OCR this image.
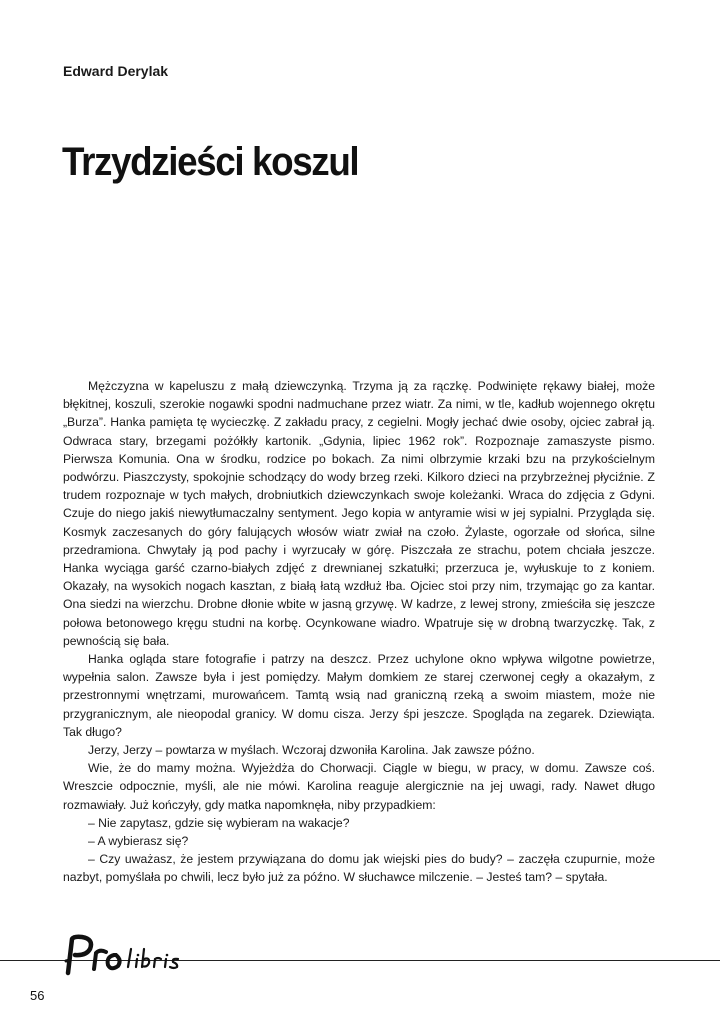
Edward Derylak
Trzydzieści koszul

Mężczyzna w kapeluszu z małą dziewczynką. Trzyma ją za rączkę. Podwinięte rękawy białej, może błękitnej, koszuli, szerokie nogawki spodni nadmuchane przez wiatr. Za nimi, w tle, kadłub wojennego okrętu „Burza”. Hanka pamięta tę wycieczkę. Z zakładu pracy, z cegielni. Mogły jechać dwie osoby, ojciec zabrał ją. Odwraca stary, brzegami pożółkły kartonik. „Gdynia, lipiec 1962 rok”. Rozpoznaje zamaszyste pismo. Pierwsza Komunia. Ona w środku, rodzice po bokach. Za nimi olbrzymie krzaki bzu na przykościelnym podwórzu. Piaszczysty, spokojnie schodzący do wody brzeg rzeki. Kilkoro dzieci na przybrzeżnej płyciźnie. Z trudem rozpoznaje w tych małych, drobniutkich dziewczynkach swoje koleżanki. Wraca do zdjęcia z Gdyni. Czuje do niego jakiś niewytłumaczalny sentyment. Jego kopia w antyramie wisi w jej sypialni. Przygląda się. Kosmyk zaczesanych do góry falujących włosów wiatr zwiał na czoło. Żylaste, ogorzałe od słońca, silne przedramiona. Chwytały ją pod pachy i wyrzucały w górę. Piszczała ze strachu, potem chciała jeszcze. Hanka wyciąga garść czarno-białych zdjęć z drewnianej szkatułki; przerzuca je, wyłuskuje to z koniem. Okazały, na wysokich nogach kasztan, z białą łatą wzdłuż łba. Ojciec stoi przy nim, trzymając go za kantar. Ona siedzi na wierzchu. Drobne dłonie wbite w jasną grzywę. W kadrze, z lewej strony, zmieściła się jeszcze połowa betonowego kręgu studni na korbę. Ocynkowane wiadro. Wpatruje się w drobną twarzyczkę. Tak, z pewnością się bała.

Hanka ogląda stare fotografie i patrzy na deszcz. Przez uchylone okno wpływa wilgotne powietrze, wypełnia salon. Zawsze była i jest pomiędzy. Małym domkiem ze starej czerwonej cegły a okazałym, z przestronnymi wnętrzami, murowańcem. Tamtą wsią nad graniczną rzeką a swoim miastem, może nie przygranicznym, ale nieopodal granicy. W domu cisza. Jerzy śpi jeszcze. Spogląda na zegarek. Dziewiąta. Tak długo?

Jerzy, Jerzy – powtarza w myślach. Wczoraj dzwoniła Karolina. Jak zawsze późno.

Wie, że do mamy można. Wyjeżdża do Chorwacji. Ciągle w biegu, w pracy, w domu. Zawsze coś. Wreszcie odpocznie, myśli, ale nie mówi. Karolina reaguje alergicznie na jej uwagi, rady. Nawet długo rozmawiały. Już kończyły, gdy matka napomknęła, niby przypadkiem:

– Nie zapytasz, gdzie się wybieram na wakacje?

– A wybierasz się?

– Czy uważasz, że jestem przywiązana do domu jak wiejski pies do budy? – zaczęła czupurnie, może nazbyt, pomyślała po chwili, lecz było już za późno. W słuchawce milczenie. – Jesteś tam? – spytała.

56
